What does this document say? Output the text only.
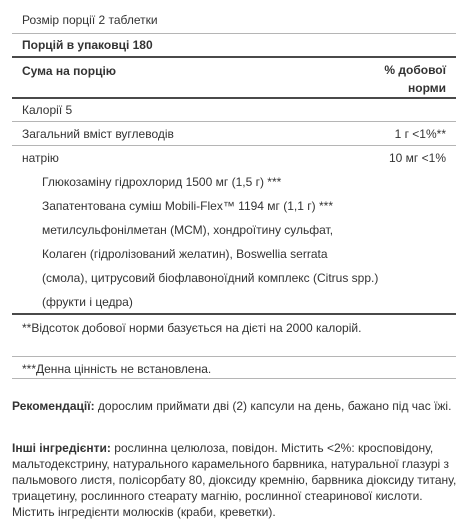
Розмір порції 2 таблетки
Порцій в упаковці 180
Сума на порцію	% добової норми
Калорії 5
Загальний вміст вуглеводів	1 г <1%**
натрію	10 мг <1%
Глюкозаміну гідрохлорид 1500 мг (1,5 г) ***
Запатентована суміш Mobili-Flex™ 1194 мг (1,1 г) ***
метилсульфонілметан (МСМ), хондроїтину сульфат,
Колаген (гідролізований желатин), Boswellia serrata
(смола), цитрусовий біофлавоноїдний комплекс (Citrus spp.)
(фрукти і цедра)
**Відсоток добової норми базується на дієті на 2000 калорій.
***Денна цінність не встановлена.
Рекомендації: дорослим приймати дві (2) капсули на день, бажано під час їжі.
Інші інгредієнти: рослинна целюлоза, повідон. Містить <2%: кросповідону, мальтодекстрину, натурального карамельного барвника, натуральної глазурі з пальмового листя, полісорбату 80, діоксиду кремнію, барвника діоксиду титану, триацетину, рослинного стеарату магнію, рослинної стеаринової кислоти. Містить інгредієнти молюсків (краби, креветки).
